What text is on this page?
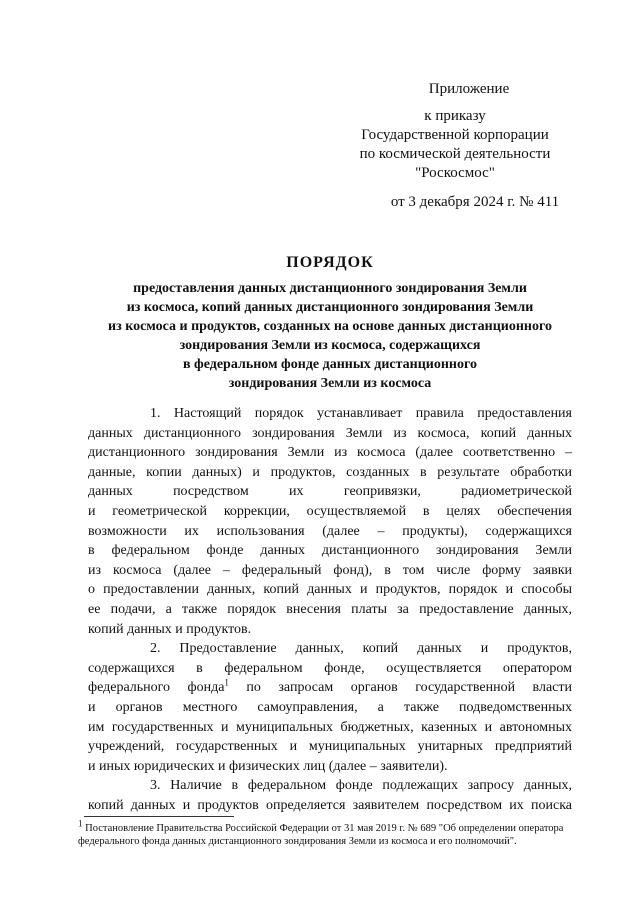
Приложение
к приказу
Государственной корпорации
по космической деятельности
"Роскосмос"
от 3 декабря 2024 г. № 411
ПОРЯДОК
предоставления данных дистанционного зондирования Земли
из космоса, копий данных дистанционного зондирования Земли
из космоса и продуктов, созданных на основе данных дистанционного
зондирования Земли из космоса, содержащихся
в федеральном фонде данных дистанционного
зондирования Земли из космоса
1. Настоящий порядок устанавливает правила предоставления
данных дистанционного зондирования Земли из космоса, копий данных
дистанционного зондирования Земли из космоса (далее соответственно –
данные, копии данных) и продуктов, созданных в результате обработки
данных посредством их геопривязки, радиометрической
и геометрической коррекции, осуществляемой в целях обеспечения
возможности их использования (далее – продукты), содержащихся
в федеральном фонде данных дистанционного зондирования Земли
из космоса (далее – федеральный фонд), в том числе форму заявки
о предоставлении данных, копий данных и продуктов, порядок и способы
ее подачи, а также порядок внесения платы за предоставление данных,
копий данных и продуктов.
2. Предоставление данных, копий данных и продуктов,
содержащихся в федеральном фонде, осуществляется оператором
федерального фонда$^1$ по запросам органов государственной власти
и органов местного самоуправления, а также подведомственных
им государственных и муниципальных бюджетных, казенных и автономных
учреждений, государственных и муниципальных унитарных предприятий
и иных юридических и физических лиц (далее – заявители).
3. Наличие в федеральном фонде подлежащих запросу данных,
копий данных и продуктов определяется заявителем посредством их поиска
$^1$ Постановление Правительства Российской Федерации от 31 мая 2019 г. № 689 "Об определении оператора федерального фонда данных дистанционного зондирования Земли из космоса и его полномочий".
